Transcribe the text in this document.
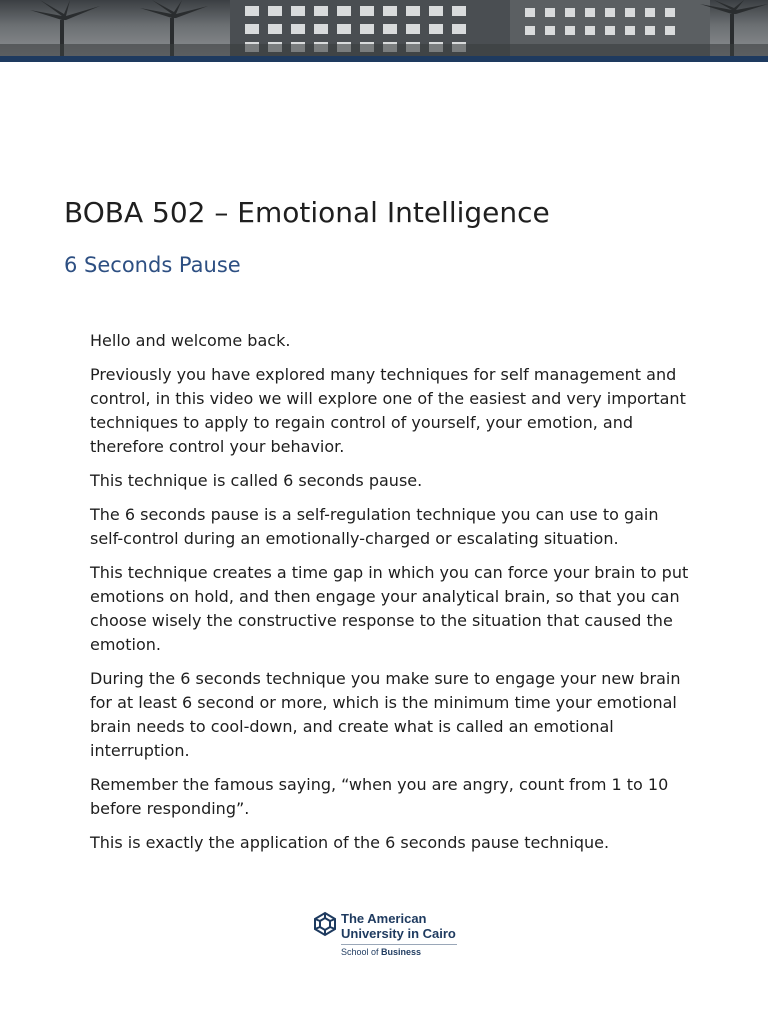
BOBA 502 – Emotional Intelligence
6 Seconds Pause

Hello and welcome back.

Previously you have explored many techniques for self management and control, in this video we will explore one of the easiest and very important techniques to apply to regain control of yourself, your emotion, and therefore control your behavior.

This technique is called 6 seconds pause.

The 6 seconds pause is a self-regulation technique you can use to gain self-control during an emotionally-charged or escalating situation.

This technique creates a time gap in which you can force your brain to put emotions on hold, and then engage your analytical brain, so that you can choose wisely the constructive response to the situation that caused the emotion.

During the 6 seconds technique you make sure to engage your new brain for at least 6 second or more, which is the minimum time your emotional brain needs to cool-down, and create what is called an emotional interruption.

Remember the famous saying, “when you are angry, count from 1 to 10 before responding”.

This is exactly the application of the 6 seconds pause technique.

The American
University in Cairo
School of Business
